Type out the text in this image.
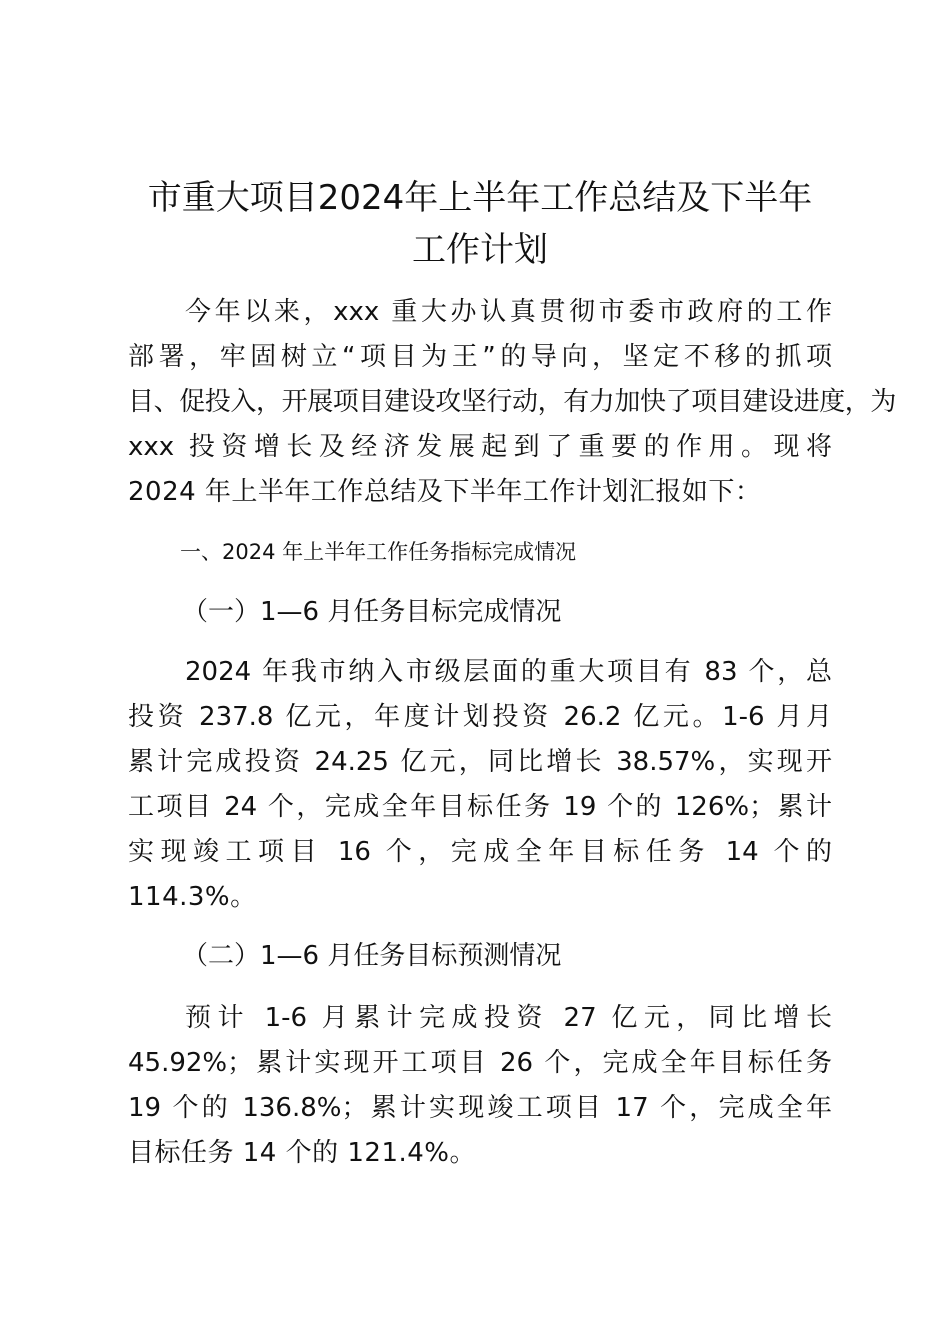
市重大项目2024年上半年工作总结及下半年
工作计划
今年以来，xxx 重大办认真贯彻市委市政府的工作
部署，牢固树立“项目为王”的导向，坚定不移的抓项
目、促投入，开展项目建设攻坚行动，有力加快了项目建设进度，为
xxx 投资增长及经济发展起到了重要的作用。现将
2024 年上半年工作总结及下半年工作计划汇报如下：
一、2024 年上半年工作任务指标完成情况
（一）1—6 月任务目标完成情况
2024 年我市纳入市级层面的重大项目有 83 个，总
投资 237.8 亿元，年度计划投资 26.2 亿元。1-6 月月
累计完成投资 24.25 亿元，同比增长 38.57%，实现开
工项目 24 个，完成全年目标任务 19 个的 126%；累计
实现竣工项目 16 个，完成全年目标任务 14 个的
114.3%。
（二）1—6 月任务目标预测情况
预计 1-6 月累计完成投资 27 亿元，同比增长
45.92%；累计实现开工项目 26 个，完成全年目标任务
19 个的 136.8%；累计实现竣工项目 17 个，完成全年
目标任务 14 个的 121.4%。
